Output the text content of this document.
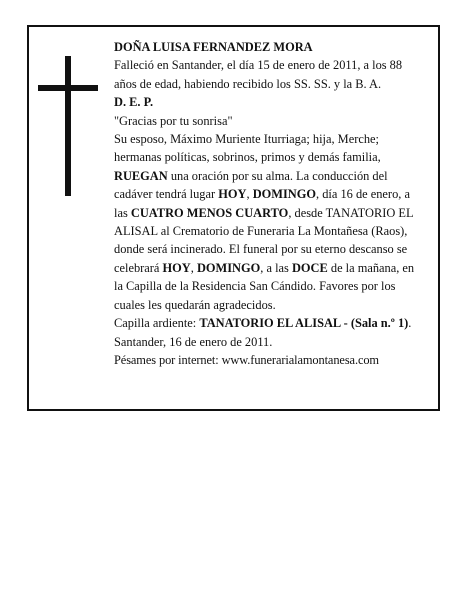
DOÑA LUISA FERNANDEZ MORA

Falleció en Santander, el día 15 de enero de 2011, a los 88 años de edad, habiendo recibido los SS. SS. y la B. A.

D. E. P.

"Gracias por tu sonrisa"

Su esposo, Máximo Muriente Iturriaga; hija, Merche; hermanas políticas, sobrinos, primos y demás familia, RUEGAN una oración por su alma. La conducción del cadáver tendrá lugar HOY, DOMINGO, día 16 de enero, a las CUATRO MENOS CUARTO, desde TANATORIO EL ALISAL al Crematorio de Funeraria La Montañesa (Raos), donde será incinerado. El funeral por su eterno descanso se celebrará HOY, DOMINGO, a las DOCE de la mañana, en la Capilla de la Residencia San Cándido. Favores por los cuales les quedarán agradecidos.

Capilla ardiente: TANATORIO EL ALISAL - (Sala n.º 1).

Santander, 16 de enero de 2011.

Pésames por internet: www.funerarialamontanesa.com
